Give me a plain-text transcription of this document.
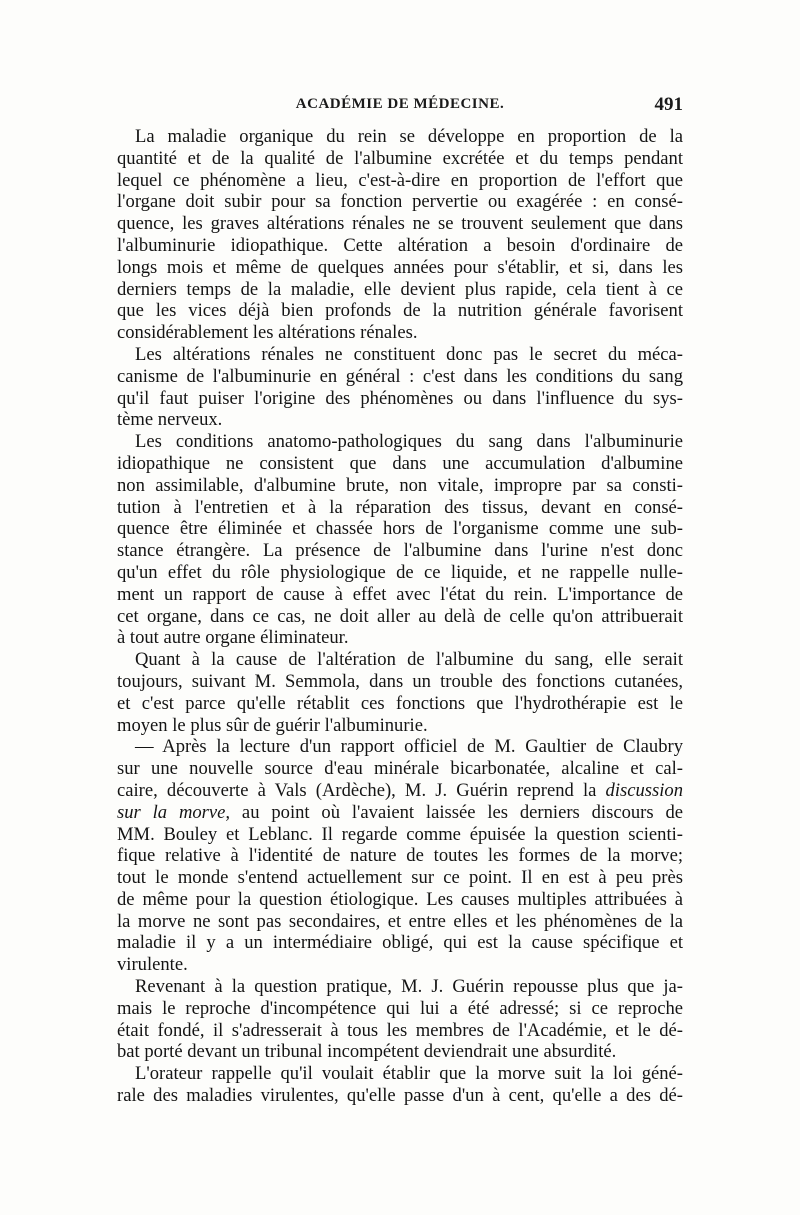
ACADÉMIE DE MÉDECINE.	491
La maladie organique du rein se développe en proportion de la
quantité et de la qualité de l'albumine excrétée et du temps pendant
lequel ce phénomène a lieu, c'est-à-dire en proportion de l'effort que
l'organe doit subir pour sa fonction pervertie ou exagérée : en consé-
quence, les graves altérations rénales ne se trouvent seulement que dans
l'albuminurie idiopathique. Cette altération a besoin d'ordinaire de
longs mois et même de quelques années pour s'établir, et si, dans les
derniers temps de la maladie, elle devient plus rapide, cela tient à ce
que les vices déjà bien profonds de la nutrition générale favorisent
considérablement les altérations rénales.
Les altérations rénales ne constituent donc pas le secret du méca-
canisme de l'albuminurie en général : c'est dans les conditions du sang
qu'il faut puiser l'origine des phénomènes ou dans l'influence du sys-
tème nerveux.
Les conditions anatomo-pathologiques du sang dans l'albuminurie
idiopathique ne consistent que dans une accumulation d'albumine
non assimilable, d'albumine brute, non vitale, impropre par sa consti-
tution à l'entretien et à la réparation des tissus, devant en consé-
quence être éliminée et chassée hors de l'organisme comme une sub-
stance étrangère. La présence de l'albumine dans l'urine n'est donc
qu'un effet du rôle physiologique de ce liquide, et ne rappelle nulle-
ment un rapport de cause à effet avec l'état du rein. L'importance de
cet organe, dans ce cas, ne doit aller au delà de celle qu'on attribuerait
à tout autre organe éliminateur.
Quant à la cause de l'altération de l'albumine du sang, elle serait
toujours, suivant M. Semmola, dans un trouble des fonctions cutanées,
et c'est parce qu'elle rétablit ces fonctions que l'hydrothérapie est le
moyen le plus sûr de guérir l'albuminurie.
— Après la lecture d'un rapport officiel de M. Gaultier de Claubry
sur une nouvelle source d'eau minérale bicarbonatée, alcaline et cal-
caire, découverte à Vals (Ardèche), M. J. Guérin reprend la discussion
sur la morve, au point où l'avaient laissée les derniers discours de
MM. Bouley et Leblanc. Il regarde comme épuisée la question scienti-
fique relative à l'identité de nature de toutes les formes de la morve;
tout le monde s'entend actuellement sur ce point. Il en est à peu près
de même pour la question étiologique. Les causes multiples attribuées à
la morve ne sont pas secondaires, et entre elles et les phénomènes de la
maladie il y a un intermédiaire obligé, qui est la cause spécifique et
virulente.
Revenant à la question pratique, M. J. Guérin repousse plus que ja-
mais le reproche d'incompétence qui lui a été adressé; si ce reproche
était fondé, il s'adresserait à tous les membres de l'Académie, et le dé-
bat porté devant un tribunal incompétent deviendrait une absurdité.
L'orateur rappelle qu'il voulait établir que la morve suit la loi géné-
rale des maladies virulentes, qu'elle passe d'un à cent, qu'elle a des dé-
